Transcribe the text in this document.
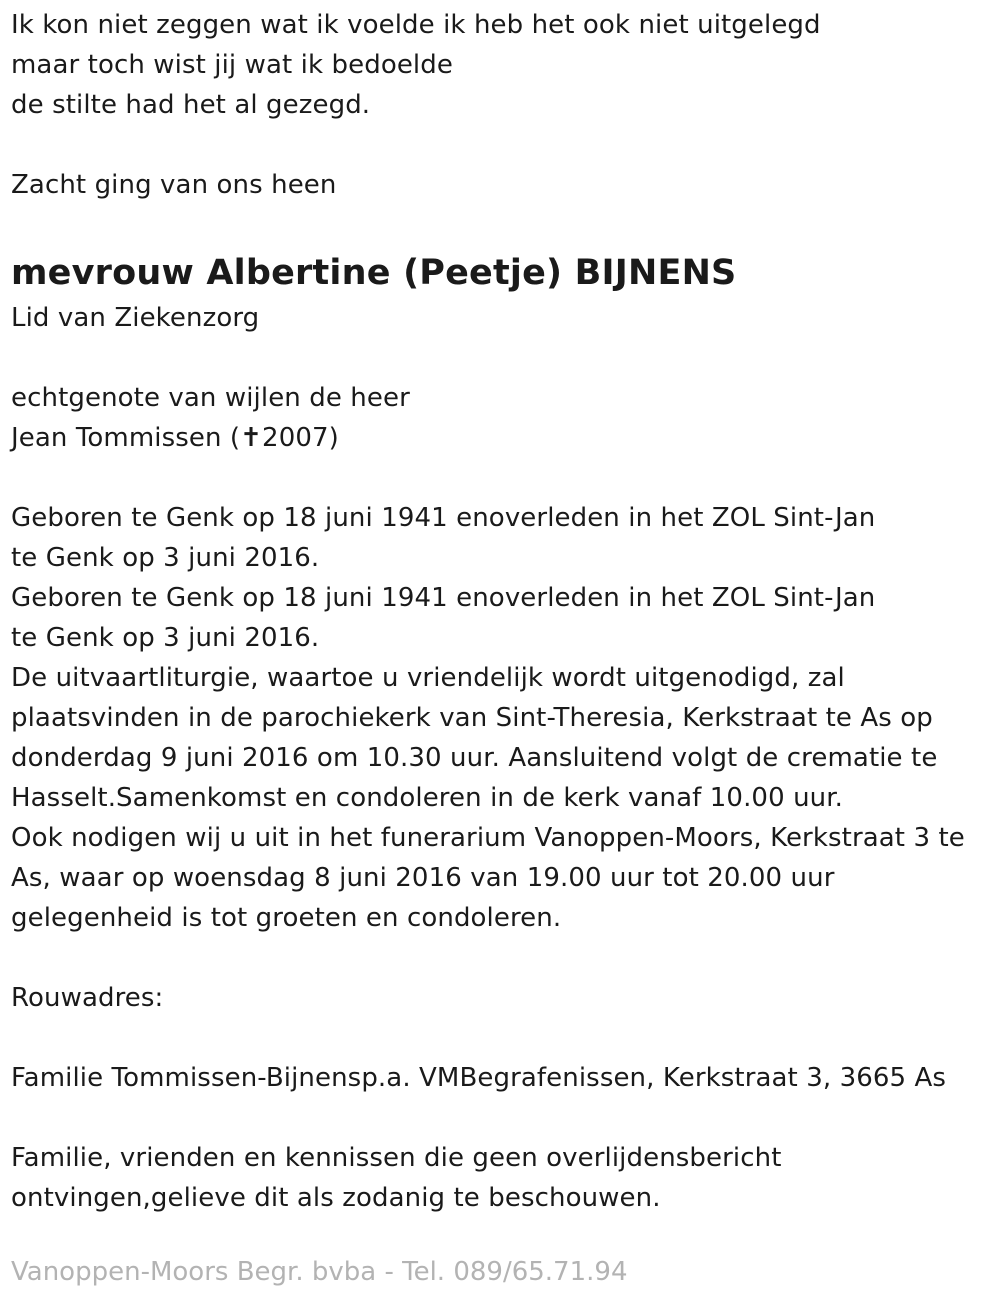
Ik kon niet zeggen wat ik voelde ik heb het ook niet uitgelegd
maar toch wist jij wat ik bedoelde
de stilte had het al gezegd.
Zacht ging van ons heen
mevrouw Albertine (Peetje) BIJNENS
Lid van Ziekenzorg
echtgenote van wijlen de heer
Jean Tommissen (✝2007)
Geboren te Genk op 18 juni 1941 enoverleden in het ZOL Sint-Jan
te Genk op 3 juni 2016.
Geboren te Genk op 18 juni 1941 enoverleden in het ZOL Sint-Jan
te Genk op 3 juni 2016.
De uitvaartliturgie, waartoe u vriendelijk wordt uitgenodigd, zal
plaatsvinden in de parochiekerk van Sint-Theresia, Kerkstraat te As op
donderdag 9 juni 2016 om 10.30 uur. Aansluitend volgt de crematie te
Hasselt.Samenkomst en condoleren in de kerk vanaf 10.00 uur.
Ook nodigen wij u uit in het funerarium Vanoppen-Moors, Kerkstraat 3 te
As, waar op woensdag 8 juni 2016 van 19.00 uur tot 20.00 uur
gelegenheid is tot groeten en condoleren.
Rouwadres:
Familie Tommissen-Bijnensp.a. VMBegrafenissen, Kerkstraat 3, 3665 As
Familie, vrienden en kennissen die geen overlijdensbericht
ontvingen,gelieve dit als zodanig te beschouwen.
Vanoppen-Moors Begr. bvba - Tel. 089/65.71.94
